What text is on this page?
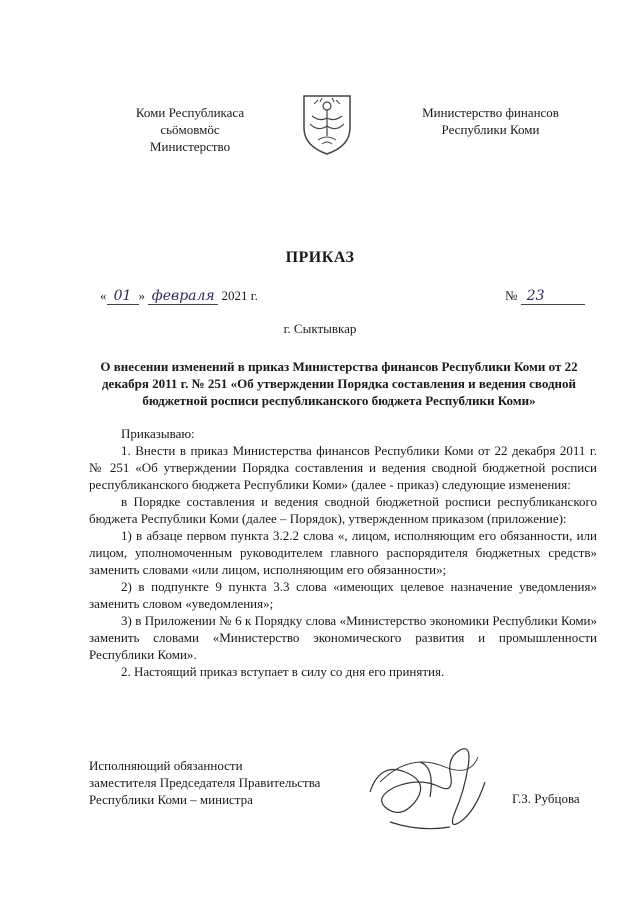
Коми Республикаса
сьӧмовмӧс
Министерство
Министерство финансов
Республики Коми
ПРИКАЗ
« 01 » февраля 2021 г.	№ 23
г. Сыктывкар
О внесении изменений в приказ Министерства финансов Республики Коми от 22 декабря 2011 г. № 251 «Об утверждении Порядка составления и ведения сводной бюджетной росписи республиканского бюджета Республики Коми»

Приказываю:

1. Внести в приказ Министерства финансов Республики Коми от 22 декабря 2011 г. № 251 «Об утверждении Порядка составления и ведения сводной бюджетной росписи республиканского бюджета Республики Коми» (далее - приказ) следующие изменения:

в Порядке составления и ведения сводной бюджетной росписи республиканского бюджета Республики Коми (далее – Порядок), утвержденном приказом (приложение):

1) в абзаце первом пункта 3.2.2 слова «, лицом, исполняющим его обязанности, или лицом, уполномоченным руководителем главного распорядителя бюджетных средств» заменить словами «или лицом, исполняющим его обязанности»;

2) в подпункте 9 пункта 3.3 слова «имеющих целевое назначение уведомления» заменить словом «уведомления»;

3) в Приложении № 6 к Порядку слова «Министерство экономики Республики Коми» заменить словами «Министерство экономического развития и промышленности Республики Коми».

2. Настоящий приказ вступает в силу со дня его принятия.

Исполняющий обязанности
заместителя Председателя Правительства
Республики Коми – министра	Г.З. Рубцова
